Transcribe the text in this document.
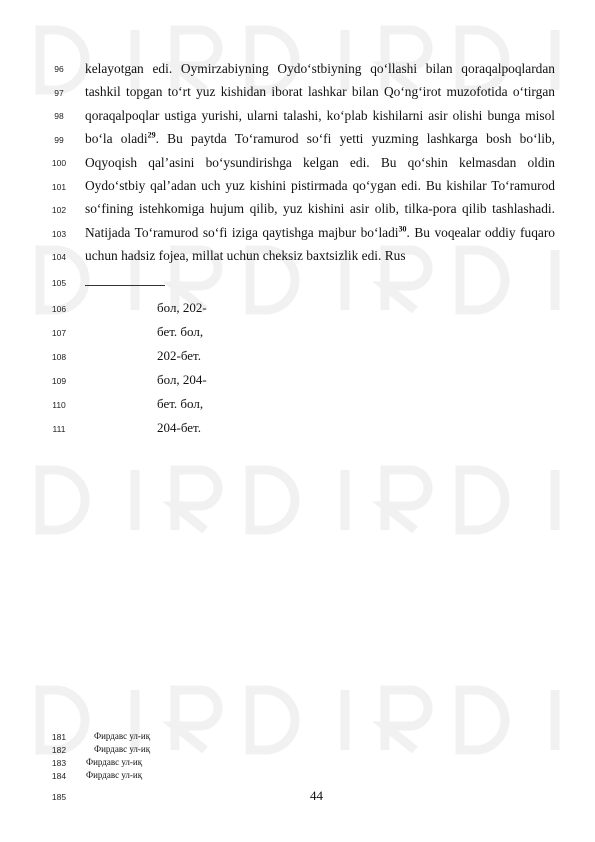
96
97
98
99
100
101
102
103
104
105
106
107
108
109
110
111
181
182
183
184
185
kelayotgan edi. Oymirzabiyning Oydo‘stbiyning qo‘llashi bilan qoraqalpoqlardan tashkil topgan to‘rt yuz kishidan iborat lashkar bilan Qo‘ng‘irot muzofotida o‘tirgan qoraqalpoqlar ustiga yurishi, ularni talashi, ko‘plab kishilarni asir olishi bunga misol bo‘la oladi$^{29}$. Bu paytda To‘ramurod so‘fi yetti yuzming lashkarga bosh bo‘lib, Oqyoqish qal’asini bo‘ysundirishga kelgan edi. Bu qo‘shin kelmasdan oldin Oydo‘stbiy qal’adan uch yuz kishini pistirmada qo‘ygan edi. Bu kishilar To‘ramurod so‘fining istehkomiga hujum qilib, yuz kishini asir olib, tilka-pora qilib tashlashadi. Natijada To‘ramurod so‘fi iziga qaytishga majbur bo‘ladi$^{30}$. Bu voqealar oddiy fuqaro uchun hadsiz fojea, millat uchun cheksiz baxtsizlik edi. Rus
бол, 202-
бет. бол,
202-бет.
бол, 204-
бет. бол,
204-бет.
Фирдавс ул-иқ
Фирдавс ул-иқ
Фирдавс ул-иқ
Фирдавс ул-иқ
44
